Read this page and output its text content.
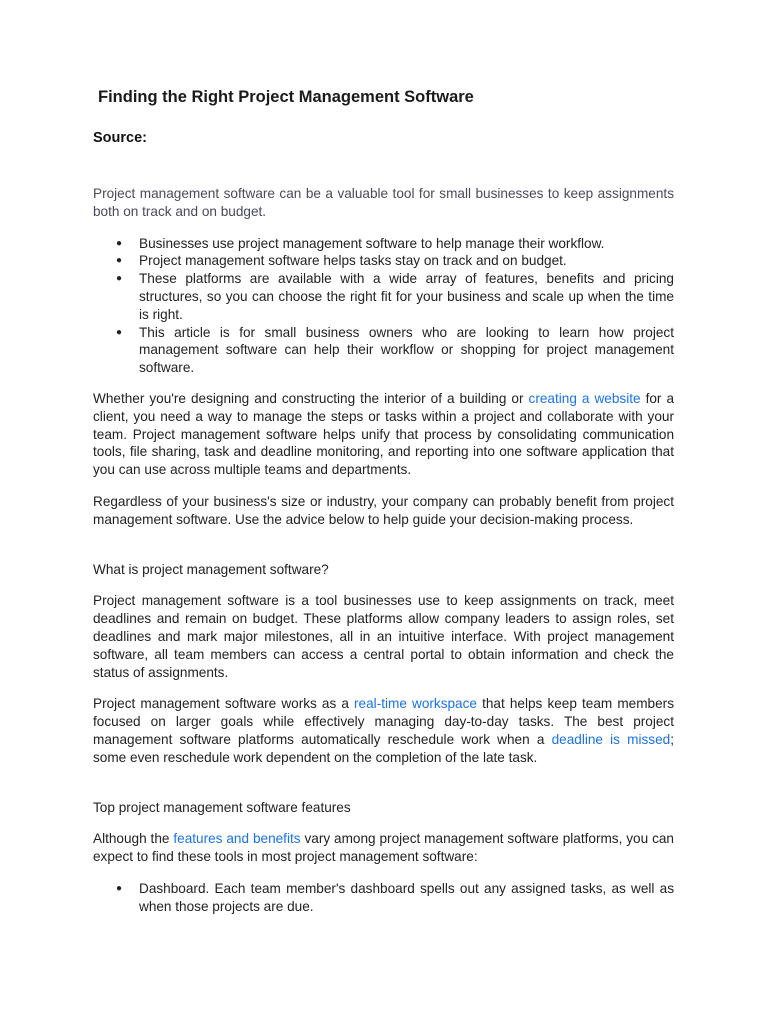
Finding the Right Project Management Software
Source:

Project management software can be a valuable tool for small businesses to keep assignments both on track and on budget.

● Businesses use project management software to help manage their workflow.
● Project management software helps tasks stay on track and on budget.
● These platforms are available with a wide array of features, benefits and pricing structures, so you can choose the right fit for your business and scale up when the time is right.
● This article is for small business owners who are looking to learn how project management software can help their workflow or shopping for project management software.

Whether you're designing and constructing the interior of a building or creating a website for a client, you need a way to manage the steps or tasks within a project and collaborate with your team. Project management software helps unify that process by consolidating communication tools, file sharing, task and deadline monitoring, and reporting into one software application that you can use across multiple teams and departments.

Regardless of your business's size or industry, your company can probably benefit from project management software. Use the advice below to help guide your decision-making process.

What is project management software?

Project management software is a tool businesses use to keep assignments on track, meet deadlines and remain on budget. These platforms allow company leaders to assign roles, set deadlines and mark major milestones, all in an intuitive interface. With project management software, all team members can access a central portal to obtain information and check the status of assignments.

Project management software works as a real-time workspace that helps keep team members focused on larger goals while effectively managing day-to-day tasks. The best project management software platforms automatically reschedule work when a deadline is missed; some even reschedule work dependent on the completion of the late task.

Top project management software features

Although the features and benefits vary among project management software platforms, you can expect to find these tools in most project management software:

● Dashboard. Each team member's dashboard spells out any assigned tasks, as well as when those projects are due.
